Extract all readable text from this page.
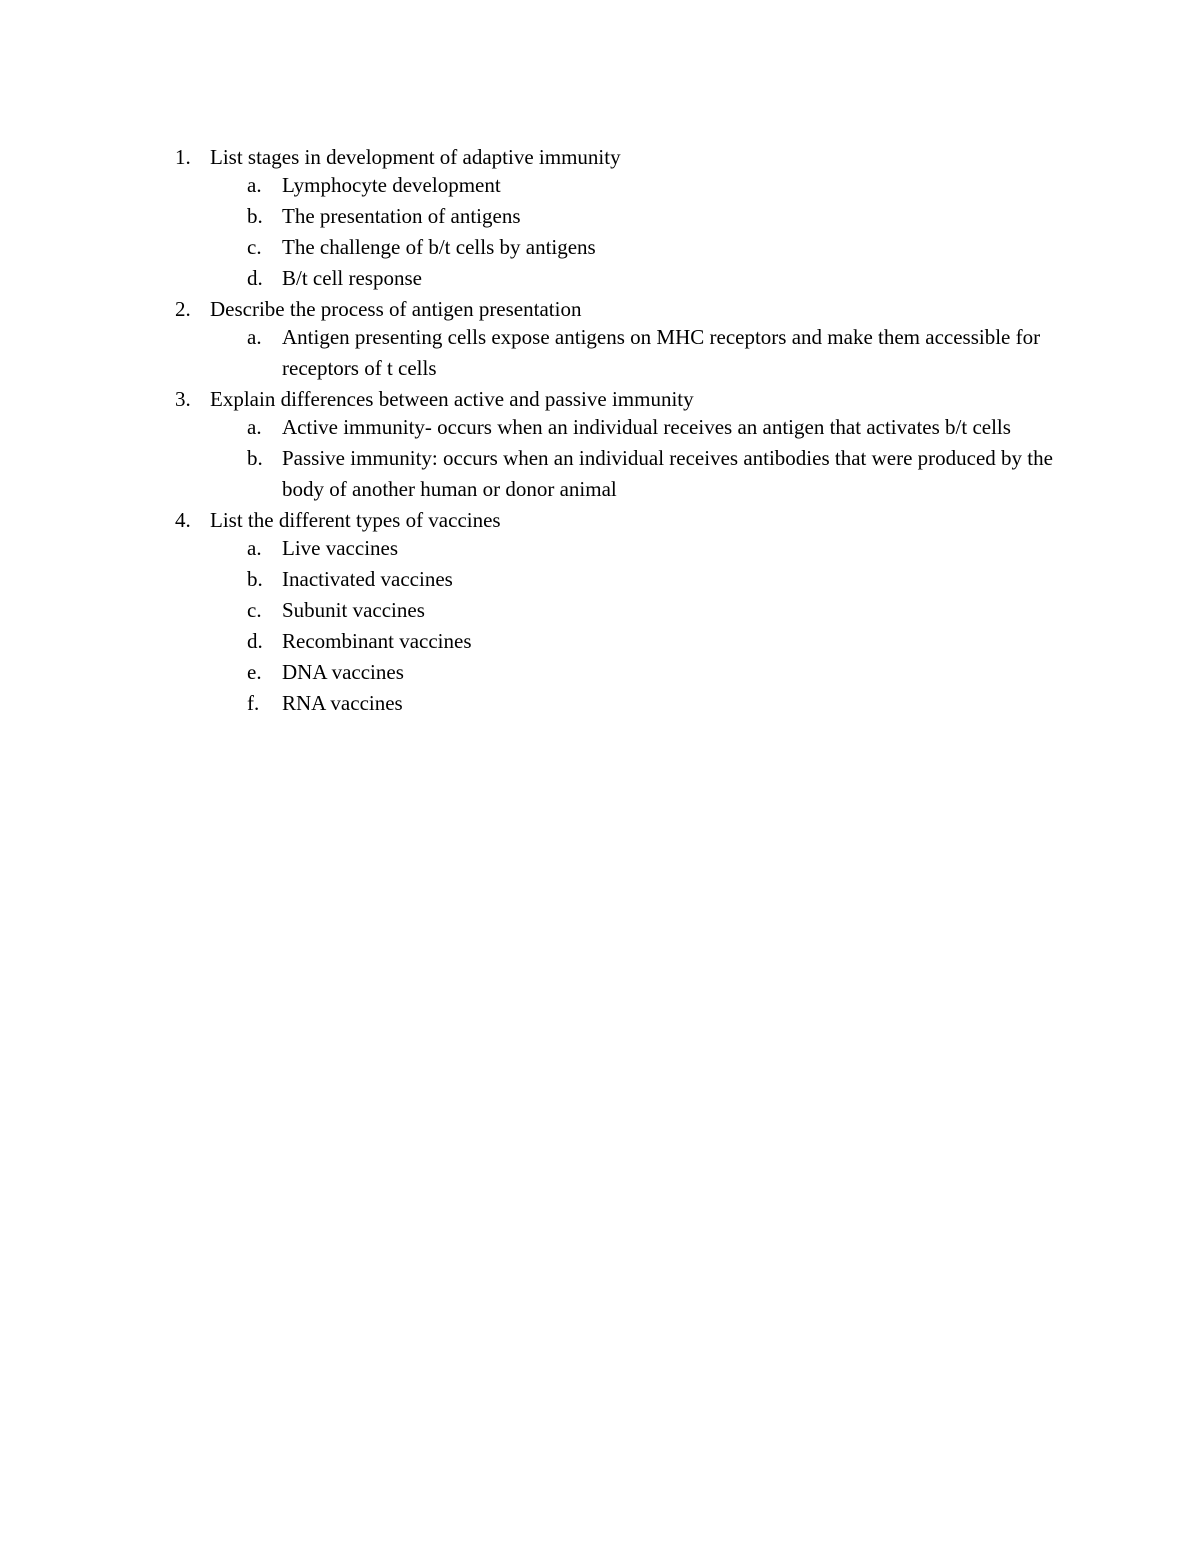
1. List stages in development of adaptive immunity
a. Lymphocyte development
b. The presentation of antigens
c. The challenge of b/t cells by antigens
d. B/t cell response
2. Describe the process of antigen presentation
a. Antigen presenting cells expose antigens on MHC receptors and make them accessible for receptors of t cells
3. Explain differences between active and passive immunity
a. Active immunity- occurs when an individual receives an antigen that activates b/t cells
b. Passive immunity: occurs when an individual receives antibodies that were produced by the body of another human or donor animal
4. List the different types of vaccines
a. Live vaccines
b. Inactivated vaccines
c. Subunit vaccines
d. Recombinant vaccines
e. DNA vaccines
f.	RNA vaccines
